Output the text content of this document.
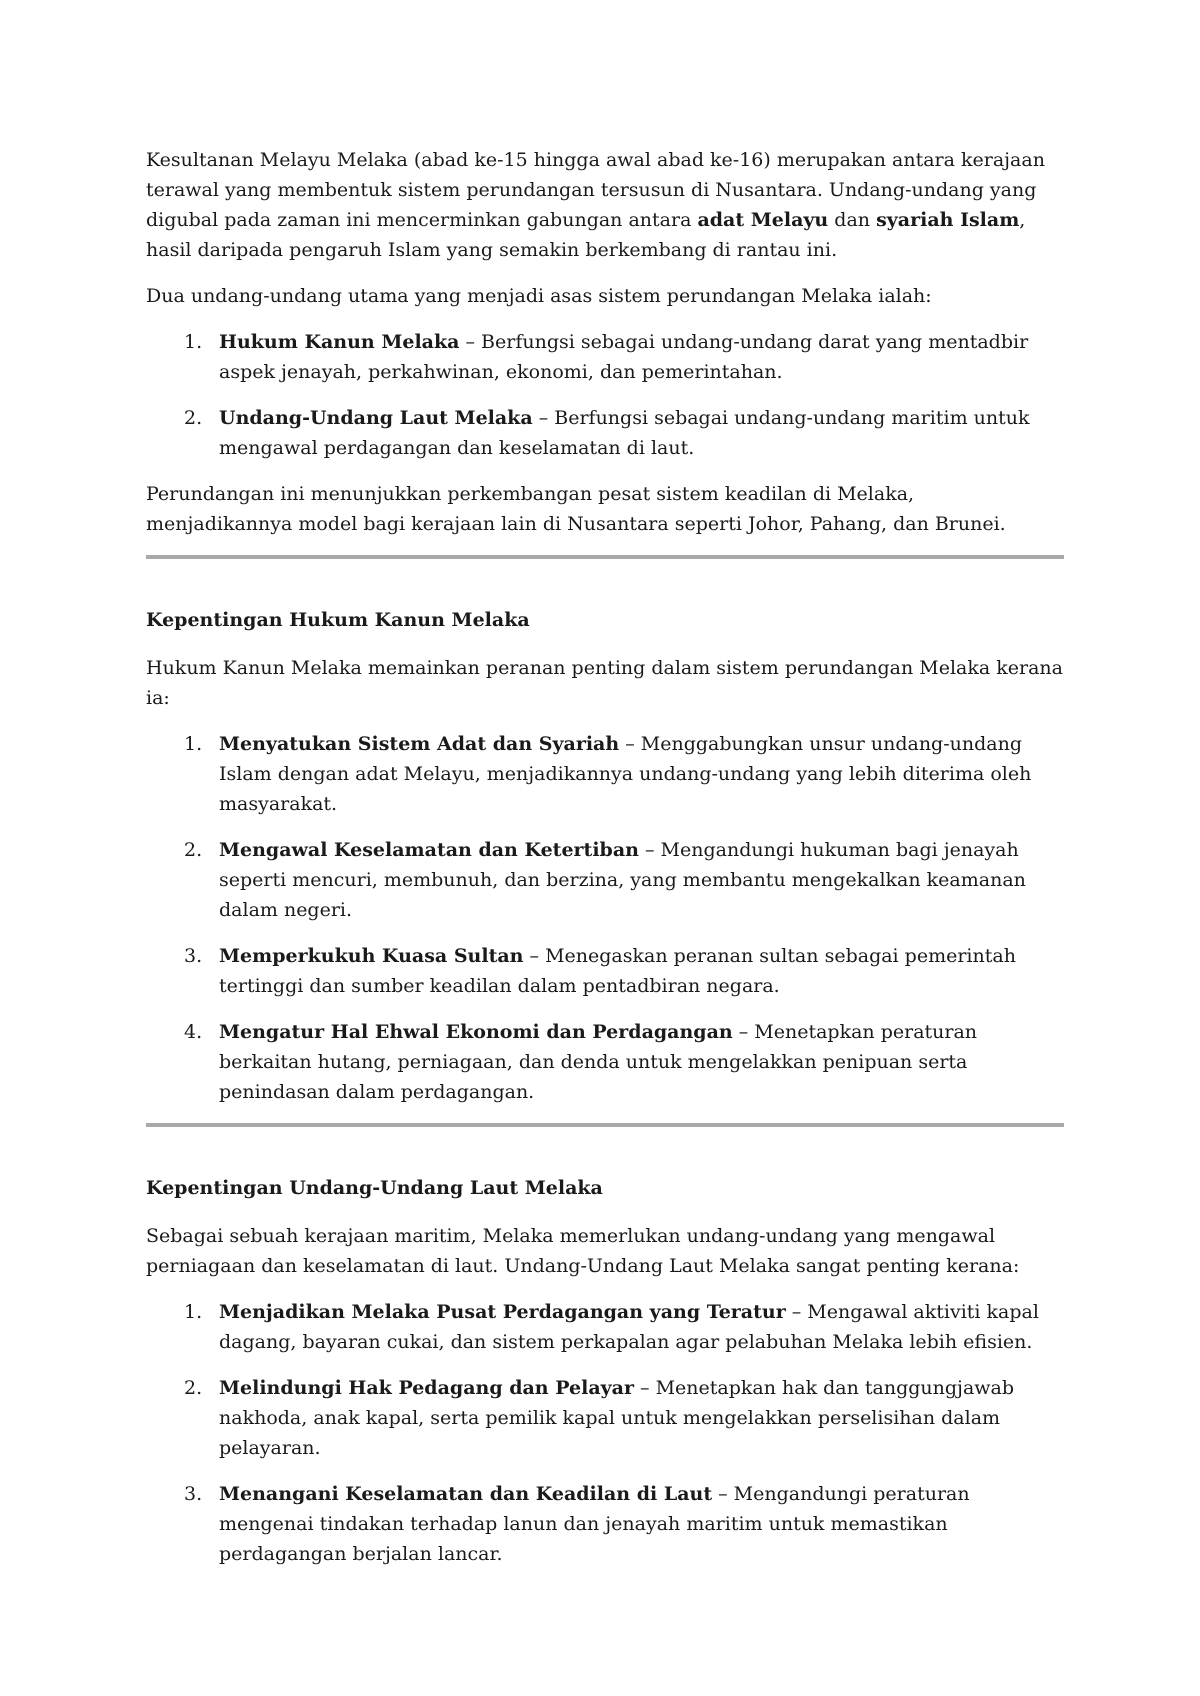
Kesultanan Melayu Melaka (abad ke-15 hingga awal abad ke-16) merupakan antara kerajaan terawal yang membentuk sistem perundangan tersusun di Nusantara. Undang-undang yang digubal pada zaman ini mencerminkan gabungan antara adat Melayu dan syariah Islam, hasil daripada pengaruh Islam yang semakin berkembang di rantau ini.

Dua undang-undang utama yang menjadi asas sistem perundangan Melaka ialah:

1. Hukum Kanun Melaka – Berfungsi sebagai undang-undang darat yang mentadbir aspek jenayah, perkahwinan, ekonomi, dan pemerintahan.
2. Undang-Undang Laut Melaka – Berfungsi sebagai undang-undang maritim untuk mengawal perdagangan dan keselamatan di laut.

Perundangan ini menunjukkan perkembangan pesat sistem keadilan di Melaka, menjadikannya model bagi kerajaan lain di Nusantara seperti Johor, Pahang, dan Brunei.

Kepentingan Hukum Kanun Melaka

Hukum Kanun Melaka memainkan peranan penting dalam sistem perundangan Melaka kerana ia:

1. Menyatukan Sistem Adat dan Syariah – Menggabungkan unsur undang-undang Islam dengan adat Melayu, menjadikannya undang-undang yang lebih diterima oleh masyarakat.
2. Mengawal Keselamatan dan Ketertiban – Mengandungi hukuman bagi jenayah seperti mencuri, membunuh, dan berzina, yang membantu mengekalkan keamanan dalam negeri.
3. Memperkukuh Kuasa Sultan – Menegaskan peranan sultan sebagai pemerintah tertinggi dan sumber keadilan dalam pentadbiran negara.
4. Mengatur Hal Ehwal Ekonomi dan Perdagangan – Menetapkan peraturan berkaitan hutang, perniagaan, dan denda untuk mengelakkan penipuan serta penindasan dalam perdagangan.
Kepentingan Undang-Undang Laut Melaka

Sebagai sebuah kerajaan maritim, Melaka memerlukan undang-undang yang mengawal perniagaan dan keselamatan di laut. Undang-Undang Laut Melaka sangat penting kerana:

1. Menjadikan Melaka Pusat Perdagangan yang Teratur – Mengawal aktiviti kapal dagang, bayaran cukai, dan sistem perkapalan agar pelabuhan Melaka lebih efisien.
2. Melindungi Hak Pedagang dan Pelayar – Menetapkan hak dan tanggungjawab nakhoda, anak kapal, serta pemilik kapal untuk mengelakkan perselisihan dalam pelayaran.
3. Menangani Keselamatan dan Keadilan di Laut – Mengandungi peraturan mengenai tindakan terhadap lanun dan jenayah maritim untuk memastikan perdagangan berjalan lancar.
